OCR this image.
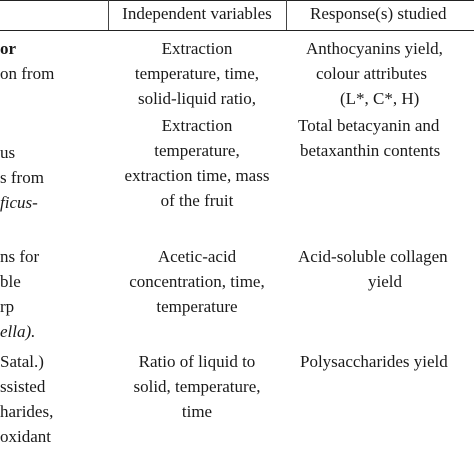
Independent variables	Response(s) studied
or
on from
us
s from
ficus-
ns for
ble
rp
ella).
Satal.)
ssisted
harides,
oxidant
Extraction
temperature, time,
solid-liquid ratio,
Extraction
temperature,
extraction time, mass
of the fruit
Acetic-acid
concentration, time,
temperature
Ratio of liquid to
solid, temperature,
time
Anthocyanins yield,
colour attributes
(L*, C*, H)
Total betacyanin and
betaxanthin contents
Acid-soluble collagen
yield
Polysaccharides yield
